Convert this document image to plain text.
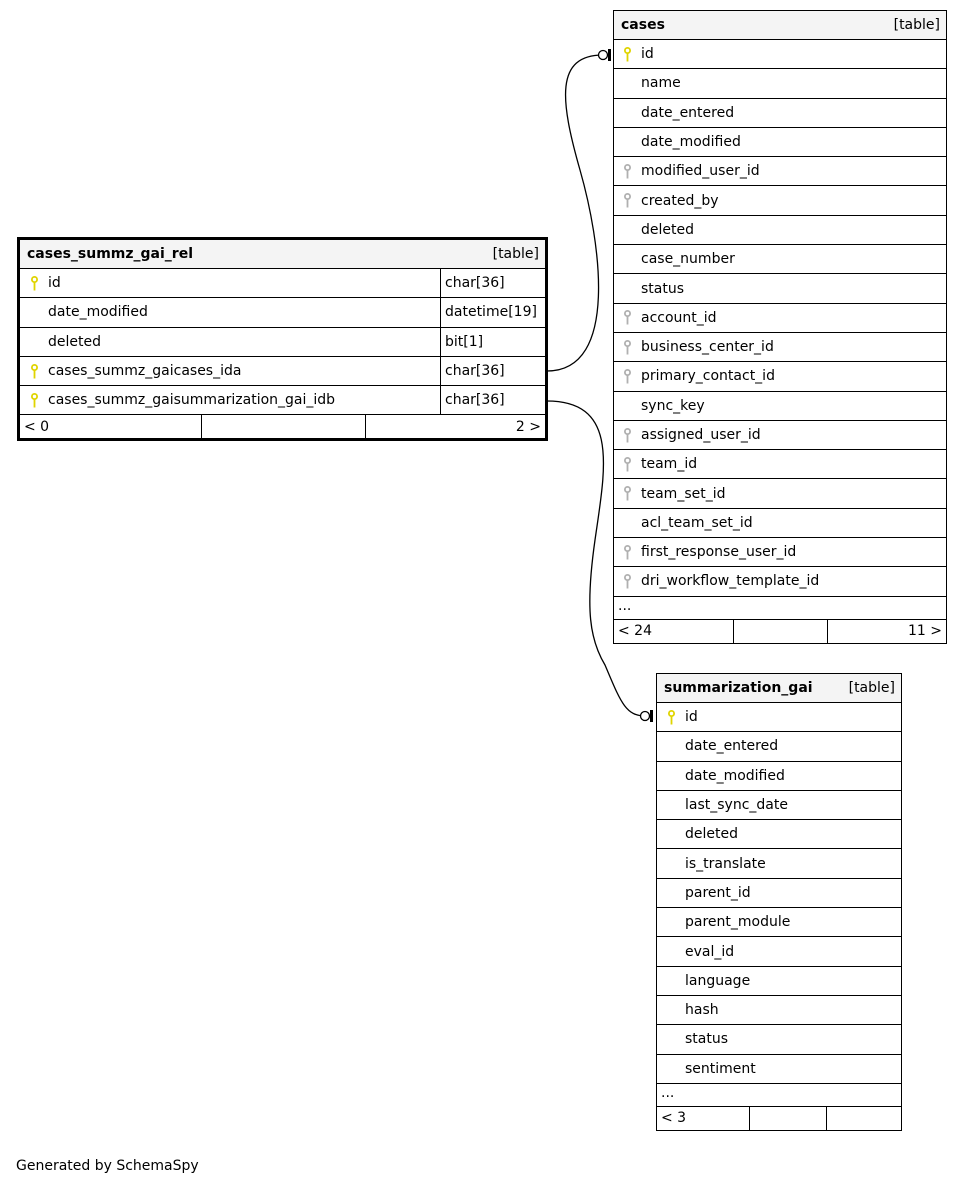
cases_summz_gai_rel	[table]
id	char[36]
date_modified	datetime[19]
deleted	bit[1]
cases_summz_gaicases_ida	char[36]
cases_summz_gaisummarization_gai_idb	char[36]
< 0	2 >
cases	[table]
id
name
date_entered
date_modified
modified_user_id
created_by
deleted
case_number
status
account_id
business_center_id
primary_contact_id
sync_key
assigned_user_id
team_id
team_set_id
acl_team_set_id
first_response_user_id
dri_workflow_template_id
...
< 24	11 >
summarization_gai	[table]
id
date_entered
date_modified
last_sync_date
deleted
is_translate
parent_id
parent_module
eval_id
language
hash
status
sentiment
...
< 3
Generated by SchemaSpy
